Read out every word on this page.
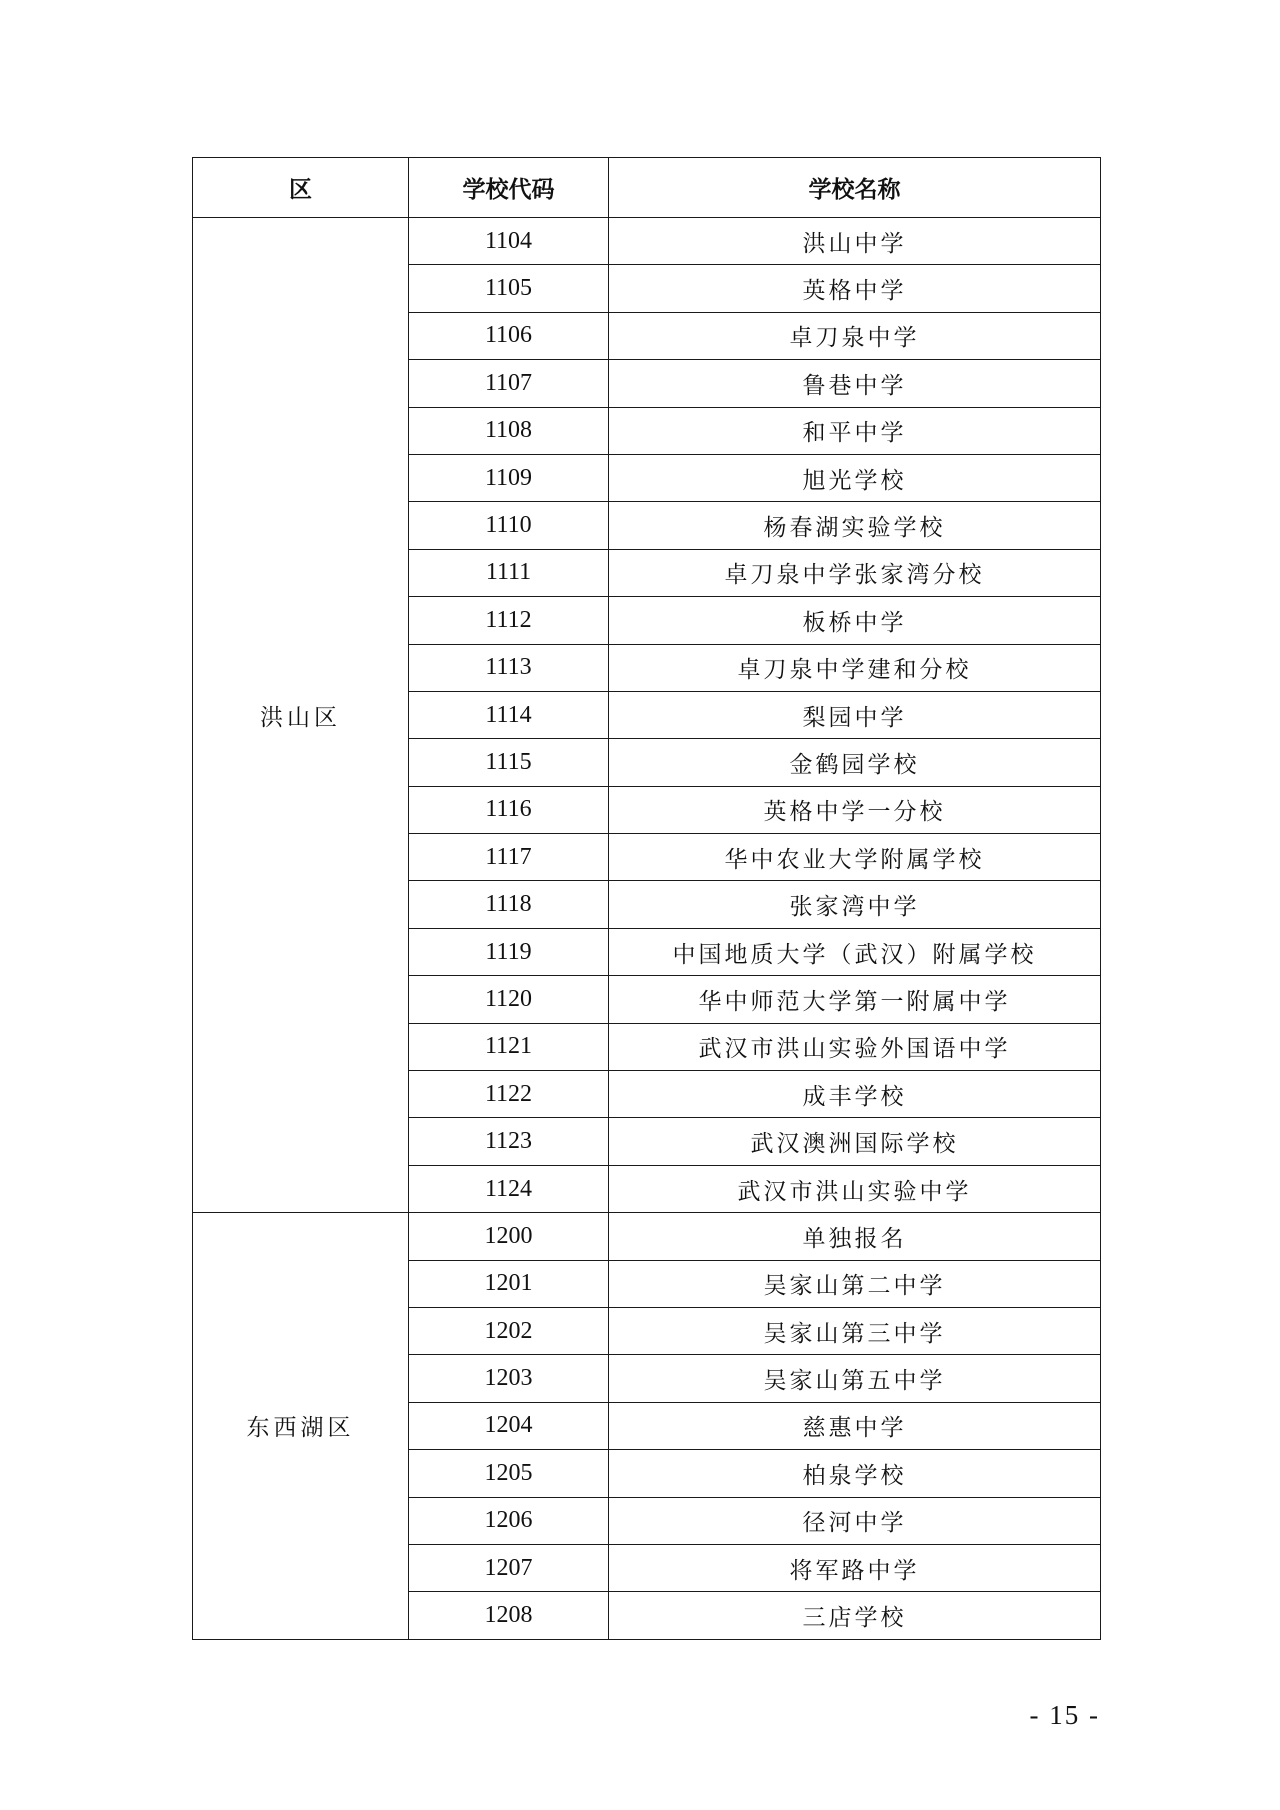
区	学校代码	学校名称
洪山区	1104	洪山中学
	1105	英格中学
	1106	卓刀泉中学
	1107	鲁巷中学
	1108	和平中学
	1109	旭光学校
	1110	杨春湖实验学校
	1111	卓刀泉中学张家湾分校
	1112	板桥中学
	1113	卓刀泉中学建和分校
	1114	梨园中学
	1115	金鹤园学校
	1116	英格中学一分校
	1117	华中农业大学附属学校
	1118	张家湾中学
	1119	中国地质大学（武汉）附属学校
	1120	华中师范大学第一附属中学
	1121	武汉市洪山实验外国语中学
	1122	成丰学校
	1123	武汉澳洲国际学校
	1124	武汉市洪山实验中学
东西湖区	1200	单独报名
	1201	吴家山第二中学
	1202	吴家山第三中学
	1203	吴家山第五中学
	1204	慈惠中学
	1205	柏泉学校
	1206	径河中学
	1207	将军路中学
	1208	三店学校
- 15 -
